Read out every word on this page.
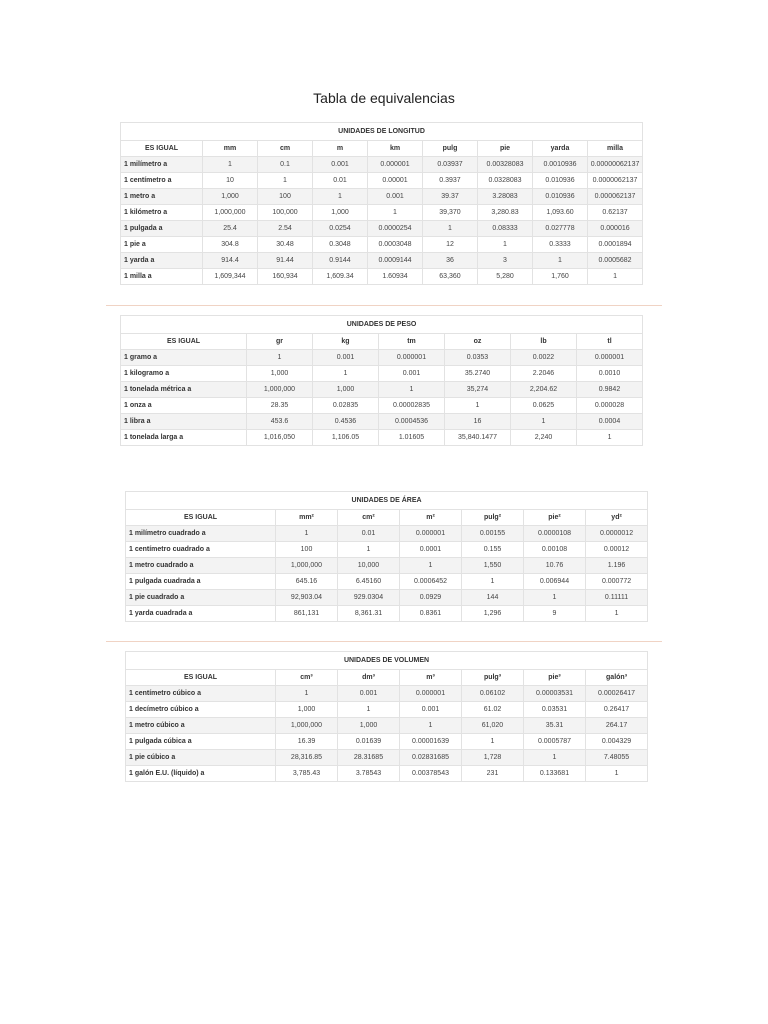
Tabla de equivalencias
UNIDADES DE LONGITUD								
ES IGUAL	mm	cm	m	km	pulg	pie	yarda	milla
1 milímetro a	1	0.1	0.001	0.000001	0.03937	0.00328083	0.0010936	0.00000062137
1 centímetro a	10	1	0.01	0.00001	0.3937	0.0328083	0.010936	0.0000062137
1 metro a	1,000	100	1	0.001	39.37	3.28083	0.010936	0.000062137
1 kilómetro a	1,000,000	100,000	1,000	1	39,370	3,280.83	1,093.60	0.62137
1 pulgada a	25.4	2.54	0.0254	0.0000254	1	0.08333	0.027778	0.000016
1 pie a	304.8	30.48	0.3048	0.0003048	12	1	0.3333	0.0001894
1 yarda a	914.4	91.44	0.9144	0.0009144	36	3	1	0.0005682
1 milla a	1,609,344	160,934	1,609.34	1.60934	63,360	5,280	1,760	1
UNIDADES DE PESO						
ES IGUAL	gr	kg	tm	oz	lb	tl
1 gramo a	1	0.001	0.000001	0.0353	0.0022	0.000001
1 kilogramo a	1,000	1	0.001	35.2740	2.2046	0.0010
1 tonelada métrica a	1,000,000	1,000	1	35,274	2,204.62	0.9842
1 onza a	28.35	0.02835	0.00002835	1	0.0625	0.000028
1 libra a	453.6	0.4536	0.0004536	16	1	0.0004
1 tonelada larga a	1,016,050	1,106.05	1.01605	35,840.1477	2,240	1
UNIDADES DE ÁREA						
ES IGUAL	mm²	cm²	m²	pulg²	pie²	yd²
1 milímetro cuadrado a	1	0.01	0.000001	0.00155	0.0000108	0.0000012
1 centímetro cuadrado a	100	1	0.0001	0.155	0.00108	0.00012
1 metro cuadrado a	1,000,000	10,000	1	1,550	10.76	1.196
1 pulgada cuadrada a	645.16	6.45160	0.0006452	1	0.006944	0.000772
1 pie cuadrado a	92,903.04	929.0304	0.0929	144	1	0.11111
1 yarda cuadrada a	861,131	8,361.31	0.8361	1,296	9	1
UNIDADES DE VOLUMEN						
ES IGUAL	cm³	dm³	m³	pulg³	pie³	galón³
1 centímetro cúbico a	1	0.001	0.000001	0.06102	0.00003531	0.00026417
1 decímetro cúbico a	1,000	1	0.001	61.02	0.03531	0.26417
1 metro cúbico a	1,000,000	1,000	1	61,020	35.31	264.17
1 pulgada cúbica a	16.39	0.01639	0.00001639	1	0.0005787	0.004329
1 pie cúbico a	28,316.85	28.31685	0.02831685	1,728	1	7.48055
1 galón E.U. (líquido) a	3,785.43	3.78543	0.00378543	231	0.133681	1
